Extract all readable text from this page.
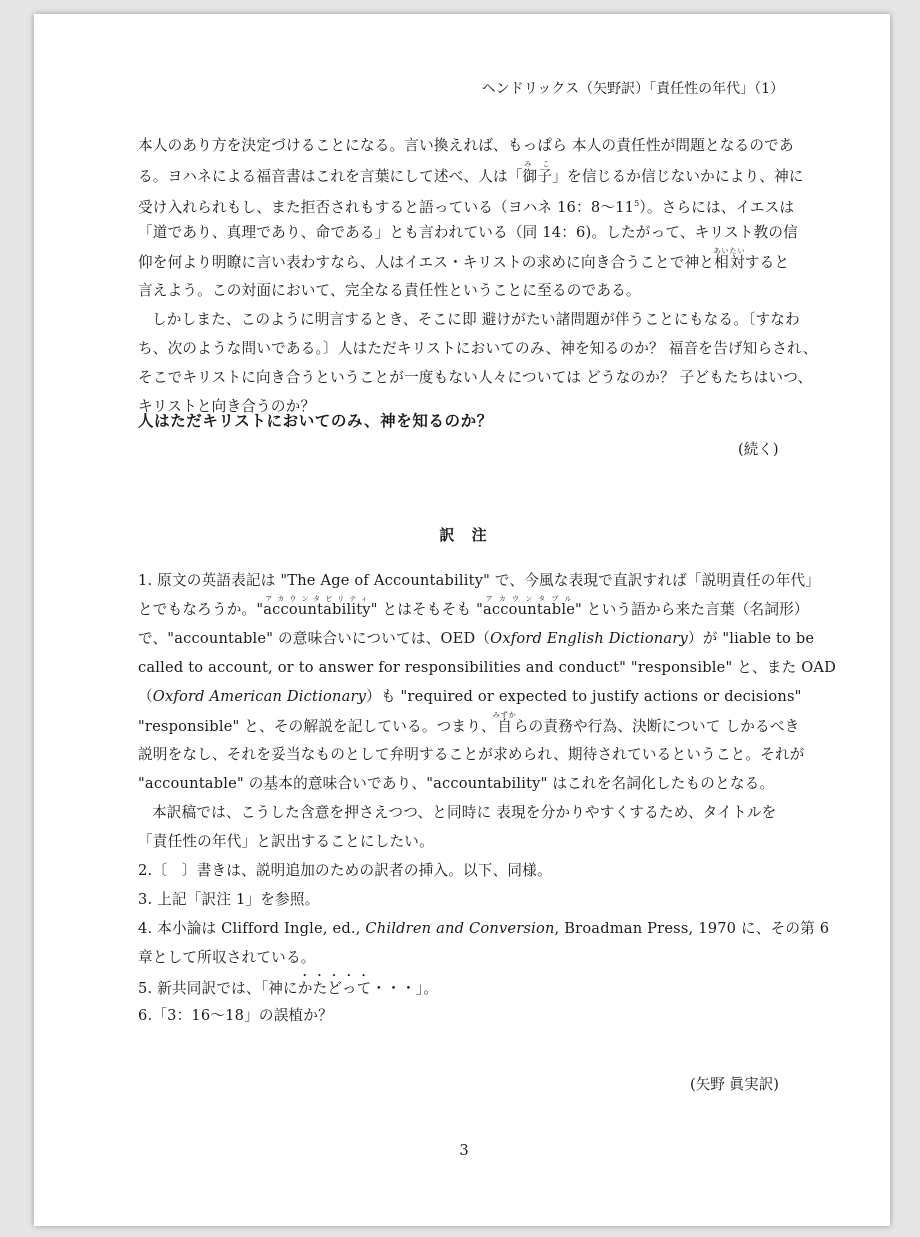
ヘンドリックス（矢野訳）「責任性の年代」（1）
本人のあり方を決定づけることになる。言い換えれば、もっぱら 本人の責任性が問題となるのであ
る。ヨハネによる福音書はこれを言葉にして述べ、人は「御子み こ」を信じるか信じないかにより、神に
受け入れられもし、また拒否されもすると語っている（ヨハネ 16：8〜$11^5$）。さらには、イエスは
「道であり、真理であり、命である」とも言われている（同 14：6)。したがって、キリスト教の信
仰を何より明瞭に言い表わすなら、人はイエス・キリストの求めに向き合うことで神と相対あいたいすると
言えよう。この対面において、完全なる責任性ということに至るのである。
しかしまた、このように明言するとき、そこに即 避けがたい諸問題が伴うことにもなる。〔すなわ
ち、次のような問いである。〕人はただキリストにおいてのみ、神を知るのか？ 福音を告げ知らされ、
そこでキリストに向き合うということが一度もない人々については どうなのか？ 子どもたちはいつ、
キリストと向き合うのか？
人はただキリストにおいてのみ、神を知るのか？
(続く)
訳 注
1. 原文の英語表記は "The Age of Accountability" で、今風な表現で直訳すれば「説明責任の年代」
とでもなろうか。"accountabilityアカウンタビリティ" とはそもそも "accountableアカウンタブル" という語から来た言葉（名詞形）
で、"accountable" の意味合いについては、OED（Oxford English Dictionary）が "liable to be
called to account, or to answer for responsibilities and conduct" "responsible" と、また OAD
（Oxford American Dictionary）も "required or expected to justify actions or decisions"
"responsible" と、その解説を記している。つまり、自みずからの責務や行為、決断について しかるべき
説明をなし、それを妥当なものとして弁明することが求められ、期待されているということ。それが
"accountable" の基本的意味合いであり、"accountability" はこれを名詞化したものとなる。
本訳稿では、こうした含意を押さえつつ、と同時に 表現を分かりやすくするため、タイトルを
「責任性の年代」と訳出することにしたい。
2.〔　〕書きは、説明追加のための訳者の挿入。以下、同様。
3. 上記「訳注 1」を参照。
4. 本小論は Clifford Ingle, ed., Children and Conversion, Broadman Press, 1970 に、その第 6
章として所収されている。
5. 新共同訳では、「神にかたどって・・・」。
6.「3：16〜18」の誤植か？
(矢野 眞実訳)
3
